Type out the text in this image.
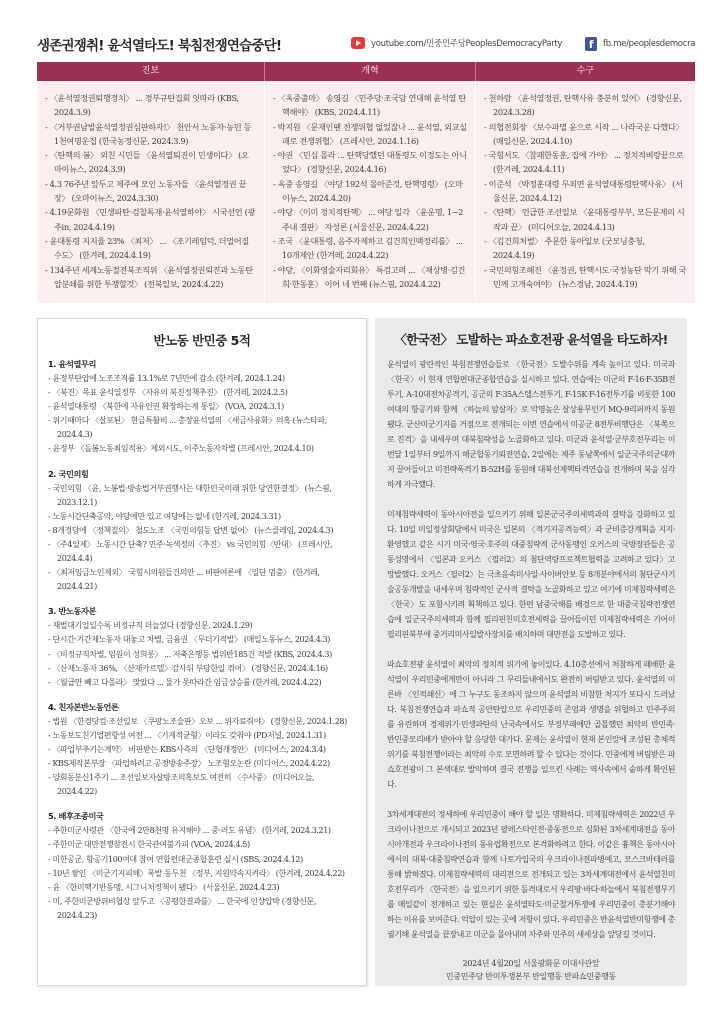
생존권쟁취! 윤석열타도! 북침전쟁연습중단!	youtube.com/민중민주당PeoplesDemocracyParty	f	fb.me/peoplesdemocra
진보	개혁	수구
- 〈윤석열정권퇴행정치〉 ... 정부규탄집회 잇따라 (KBS, 2024.3.9)
- 〈거부권남발윤석열정권심판하자!〉 천안서 노동자·농민 등 1천여명운집 (한국농정신문, 2024.3.9)
- 〈탄핵의 봄〉 외친 시민들 〈윤석열퇴진이 민생이다〉 (오마이뉴스, 2024.3.9)
- 4.3 76주년 앞두고 제주에 모인 노동자들 〈윤석열정권 끝장〉 (오마이뉴스, 2024.3.30)
- 4.19문화원 〈민생파탄·검찰독재·윤석열하야〉 시국선언 (광주in, 2024.4.19)
- 윤대통령 지지율 23% 〈최저〉 ... 〈조기레임덕, 더멀어질수도〉 (한겨레, 2024.4.19)
- 134주년 세계노동절전북조직위 〈윤석열정권퇴진과 노동탄압분쇄를 위한 투쟁할것〉 (전북일보, 2024.4.22)
- 〈옥중출마〉 송영길 〈민주당·조국당 연대해 윤석열 탄핵해야〉 (KBS, 2024.4.11)
- 박지원 〈문재인땐 전쟁위협 없었잖나 ... 윤석열, 외교실패로 전쟁위협〉 (프레시안, 2024.1.16)
- 야권 〈민심 몰라 ... 탄핵당했던 대통령도 이정도는 아니었다〉 (경향신문, 2024.4.16)
- 옥중 송영길 〈야당 192석 몰아준것, 탄핵명령〉 (오마이뉴스, 2024.4.20)
- 야당 〈이미 정치적탄핵〉 ... 여당 일각 〈윤운명, 1~2주내 결판〉 자성론 (서울신문, 2024.4.22)
- 조국 〈윤대통령, 음주자제하고 김건희인맥정리를〉 ... 10개제안 (한겨레, 2024.4.22)
- 야당, 〈이화영술자리회유〉 특검고려 ... 〈채상병·김건희·한동훈〉 이어 네 번째 (뉴스핌, 2024.4.22)
- 천하람 〈윤석열정권, 탄핵사유 충분히 있어〉 (경향신문, 2024.3.28)
- 의협전회장 〈보수파멸 윤으로 시작 ... 나라국운 다했다〉 (매일신문, 2024.4.10)
- 국힘서도 〈참패한동훈, 집에 가야〉 ... 정치적벼랑끝으로 (한겨레, 2024.4.11)
- 이준석 〈박정훈대령 무죄면 윤석열대통령탄핵사유〉 (서울신문, 2024.4.12)
- 〈탄핵〉 언급한 조선일보 〈윤대통령부부, 모든문제의 시작과 끝〉 (미디어오늘, 2024.4.13)
- 〈김건희처벌〉 주문한 동아일보 (굿모닝충청, 2024.4.19)
- 국민의힘조해진 〈윤정권, 탄핵시도·국정농단 막기 위해 국민께 고개숙여야〉 (뉴스경남, 2024.4.19)
반노동 반민중 5적
1. 윤석열무리
- 윤정부탄압에 노조조직률 13.1%로 7년만에 감소 (한겨레, 2024.1.24)
- 〈북진〉목표 윤석열정부 〈자유의 북진정책추진〉 (한겨레, 2024.2.5)
- 윤석열대통령 〈북한에 자유인권 확장하는게 통일〉 (VOA, 2024.3.1)
- 위기때마다 〈살포된〉 현금특활비 ... 총장윤석열의 〈세금사유화〉의혹 (뉴스타파, 2024.4.3)
- 윤정부 〈돌봄노동최임적용〉제외시도, 이주노동자차별 (프레시안, 2024.4.10)
2. 국민의힘
- 국민의힘 〈윤, 노봉법·방송법거부권행사는 대한민국미래 위한 당연한결정〉 (뉴스핌, 2023.12.1)
- 노동시간단축공약, 야당에만 있고 여당에는 없네 (한겨레, 2024.3.31)
- 8개정당에 〈정책질의〉 철도노조 〈국민의힘등 답변 없어〉 (뉴스클레임, 2024.4.3)
- 〈주4일제〉 노동시간 단축? 민주·녹색정의〈추진〉 vs 국민의힘〈반대〉 (프레시안, 2024.4.4)
- 〈최저임금노인제외〉 국힘시의원들건의안 ... 비판여론에 〈일단 멈춤〉 (한겨레, 2024.4.21)
3. 반노동자본
- 재벌대기업일수록 비정규직 더늘었다 (경향신문, 2024.1.29)
- 단시간·기간제노동자 대놓고 차별, 금융권 〈무더기적발〉 (매일노동뉴스, 2024.4.3)
- 〈비정규직차별, 임원이 성희롱〉 ... 저축은행등 법위반185건 적발 (KBS, 2024.4.3)
- 〈산재노동자 36%, 〈산재카르텔〉감사뒤 부당한일 겪어〉 (경향신문, 2024.4.16)
- 〈월급만 빼고 다올라〉 맞았다 ... 물가 못따라간 임금상승률 (한겨레, 2024.4.22)
4. 친자본반노동언론
- 법원 〈한경닷컴·조선일보 〈쿠팡노조술판〉오보 ... 위자료줘야〉 (경향신문, 2024.1.28)
- 노동보도친기업편향성 여전 ... 〈기계적균형〉이라도 갖춰야 (PD저널, 2024.1.31)
- 〈파업부추기는계약〉 비판받는 KBS사측의 〈단협개정안〉 (미디어스, 2024.3.4)
- KBS제작본부장 〈파업하려고 공정방송주장〉 노조혐오논란 (미디어스, 2024.4.22)
- 양회동분신1주기 ... 조선일보자살방조의혹보도 여전히 〈수사중〉 (미디어오늘, 2024.4.22)
5. 배후조종미국
- 주한미군사령관 〈한국에 2만8천명 유지해야 ... 중·러도 유념〉 (한겨레, 2024.3.21)
- 주한미군 대만전쟁참전시 한국관여불가피 (VOA, 2024.4.5)
- 미한공군, 항공기100여대 참여 연합편대군종합훈련 실시 (SBS, 2024.4.12)
- 10년 쌓인 〈미군기지피해〉폭발 동두천 〈정부, 지원약속지켜라〉 (한겨레, 2024.4.22)
- 윤 〈한미핵기반동맹, 시그니처정책이 됐다〉 (서울신문, 2024.4.23)
- 미, 주한미군방위비협상 앞두고 〈공평한결과를〉 ... 한국에 인상압박 (경향신문, 2024.4.23)
〈한국전〉 도발하는 파쇼호전광 윤석열을 타도하자!

윤석열이 광란적인 북침전쟁연습들로 〈한국전〉도발수위를 계속 높이고 있다. 미국과 〈한국〉이 현재 연합편대군종합연습을 실시하고 있다. 연습에는 미군의 F-16·F-35B전투기, A-10대전차공격기, 공군의 F-35A스텔스전투기, F-15K·F-16전투기를 비롯한 100여대의 항공기와 함께 〈하늘의 암살자〉로 악명높은 살상용무인기 MQ-9리퍼까지 동원됐다. 군산미군기지를 거점으로 전개되는 이번 연습에서 미공군 8전투비행단은 〈북쪽으로 진격〉을 내세우며 대북침략성을 노골화하고 있다. 미군과 윤석열·군부호전무리는 이번달 1일부터 9일까지 해군합동기뢰전연습, 2일에는 제주 동남쪽에서 일군국주의군대까지 끌어들이고 미전략폭격기 B-52H를 동원해 대북선제핵타격연습을 전개하며 북을 심각하게 자극했다.

미제침략세력이 동아시아전을 일으키기 위해 일본군국주의세력과의 결탁을 강화하고 있다. 10일 미일정상회담에서 미국은 일본의 〈적기지공격능력〉과 군비증강계획을 지지·환영했고 같은 시기 미국·영국·호주의 대중침략적 군사동맹인 오커스의 국방장관들은 공동성명에서 〈일본과 오커스 〈필러2〉의 첨단역량프로젝트협력을 고려하고 있다〉고 망발했다. 오커스〈필러2〉는 극초음속미사일·사이버안보 등 8개분야에서의 첨단군사기술공동개발을 내세우며 침략적인 군사적 결탁을 노골화하고 있고 여기에 미제침략세력은 〈한국〉도 포함시키려 획책하고 있다. 한편 남중국해를 배경으로 한 대중국침략전쟁연습에 일군국주의세력과 함께 필리핀친미호전세력을 끌어들이던 미제침략세력은 기어이 필리핀북부에 중거리미사일발사장치를 배치하며 대만전을 도발하고 있다.

파쇼호전광 윤석열이 최악의 정치적 위기에 놓이있다. 4.10총선에서 처참하게 패배한 윤석열이 우리민중에게만이 아니라 그 무리들내에서도 완전히 버림받고 있다. 윤석열의 이른바 〈인적쇄신〉에 그 누구도 동조하지 않으며 윤석열의 비참한 처지가 또다시 드러났다. 북침전쟁연습과 파쇼적 공안탄압으로 우리민중의 존엄과 생명을 위협하고 민주주의를 유린하며 경제위기·민생파탄의 난국속에서도 부정부패에만 골몰했던 최악의 반민족·반민중모리배가 받아야 할 응당한 대가다. 문제는 윤석열이 현재 본인앞에 조성된 총체적 위기를 북침전쟁이라는 최악의 수로 모면하려 할 수 있다는 것이다. 민중에게 버림받은 파쇼호전광이 그 본색대로 발악하며 결국 전쟁을 일으킨 사례는 역사속에서 숱하게 확인된다.

3차세계대전의 정세하에 우리민중이 해야 할 일은 명확하다. 미제침략세력은 2022년 우크라이나전으로 개시되고 2023년 팔레스타인전·중동전으로 심화된 3차세계대전을 동아시아개전과 우크라이나전의 동유럽확전으로 본격화하려고 한다. 이같은 흉책은 동아시아에서의 대북·대중침략연습과 함께 나토가입국의 우크라이나전파병예고, 모스크바테러를 통해 밝혀졌다. 미제침략세력의 대리전으로 전개되고 있는 3차세계대전에서 윤석열친미호전무리가 〈한국전〉을 일으키기 위한 돌격대로서 우리땅·바다·하늘에서 북침전쟁무기를 매일같이 전개하고 있는 현실은 윤석열타도·미군철거투쟁에 우리민중이 총분기해야 하는 이유를 보여준다. 억압이 있는 곳에 저항이 있다. 우리민중은 반윤석열반미항쟁에 총궐기해 윤석열을 끝장내고 미군을 몰아내며 자주와 민주의 새세상을 앞당길 것이다.

2024년 4월20일 서울광화문 미대사관앞
민중민주당 반미투쟁본부 반일행동 반파쇼민중행동
